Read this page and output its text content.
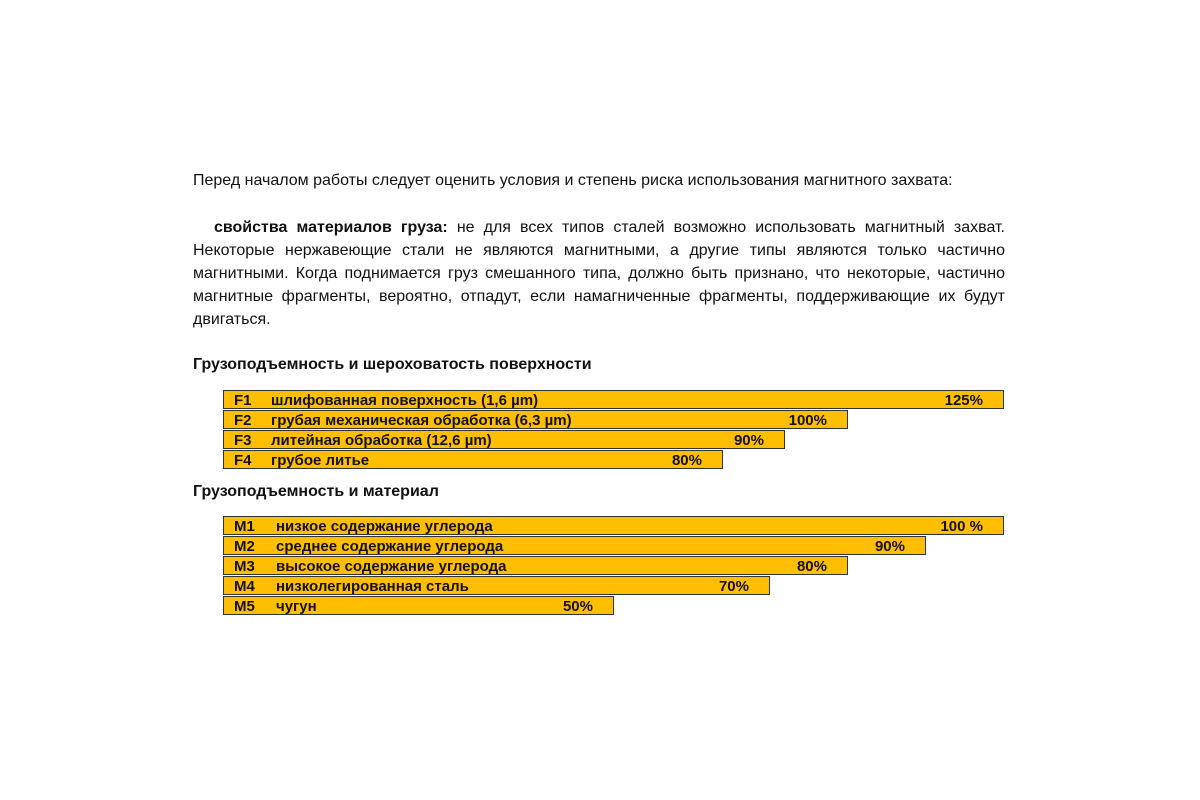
Перед началом работы следует оценить условия и степень риска использования магнитного захвата:

свойства материалов груза: не для всех типов сталей возможно использовать магнитный захват. Некоторые нержавеющие стали не являются магнитными, а другие типы являются только частично магнитными. Когда поднимается груз смешанного типа, должно быть признано, что некоторые, частично магнитные фрагменты, вероятно, отпадут, если намагниченные фрагменты, поддерживающие их будут двигаться.

Грузоподъемность и шероховатость поверхности
F1 шлифованная поверхность (1,6 µm)	125%
F2 грубая механическая обработка (6,3 µm)	100%
F3 литейная обработка (12,6 µm)	90%
F4 грубое литье	80%
Грузоподъемность и материал
M1 низкое содержание углерода	100 %
M2 среднее содержание углерода	90%
M3 высокое содержание углерода	80%
M4 низколегированная сталь	70%
M5 чугун	50%
